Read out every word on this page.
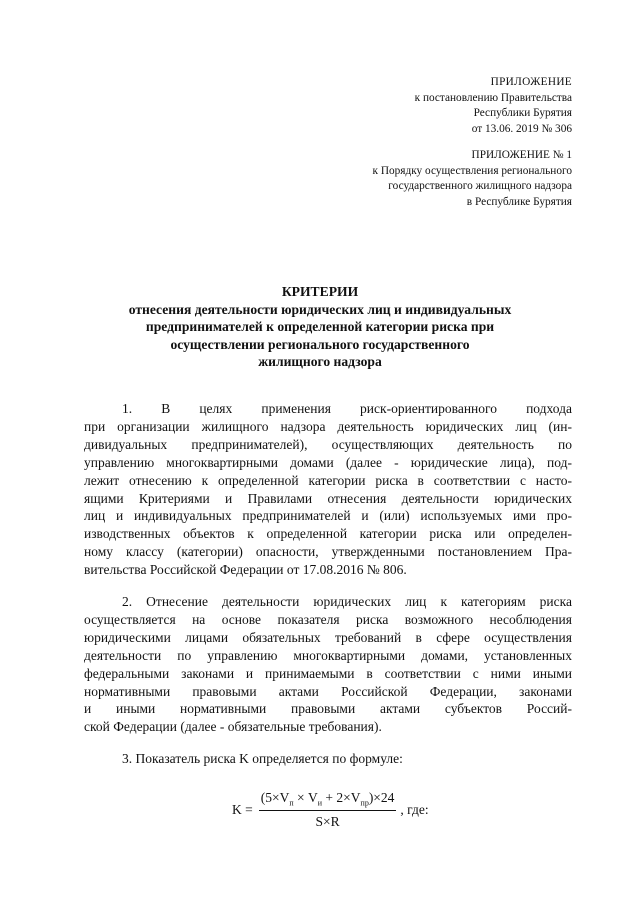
ПРИЛОЖЕНИЕ
к постановлению Правительства
Республики Бурятия
от 13.06. 2019 № 306
ПРИЛОЖЕНИЕ № 1
к Порядку осуществления регионального
государственного жилищного надзора
в Республике Бурятия
КРИТЕРИИ
отнесения деятельности юридических лиц и индивидуальных
предпринимателей к определенной категории риска при
осуществлении регионального государственного
жилищного надзора
1. В целях применения риск-ориентированного подхода
при организации жилищного надзора деятельность юридических лиц (ин-
дивидуальных предпринимателей), осуществляющих деятельность по
управлению многоквартирными домами (далее - юридические лица), под-
лежит отнесению к определенной категории риска в соответствии с насто-
ящими Критериями и Правилами отнесения деятельности юридических
лиц и индивидуальных предпринимателей и (или) используемых ими про-
изводственных объектов к определенной категории риска или определен-
ному классу (категории) опасности, утвержденными постановлением Пра-
вительства Российской Федерации от 17.08.2016 № 806.
2. Отнесение деятельности юридических лиц к категориям риска
осуществляется на основе показателя риска возможного несоблюдения
юридическими лицами обязательных требований в сфере осуществления
деятельности по управлению многоквартирными домами, установленных
федеральными законами и принимаемыми в соответствии с ними иными
нормативными правовыми актами Российской Федерации, законами
и иными нормативными правовыми актами субъектов Россий-
ской Федерации (далее - обязательные требования).
3. Показатель риска K определяется по формуле:
$K = \frac{(5\times V_п \times V_и + 2\times V_{пр})\times 24}{S\times R}$ , где:
